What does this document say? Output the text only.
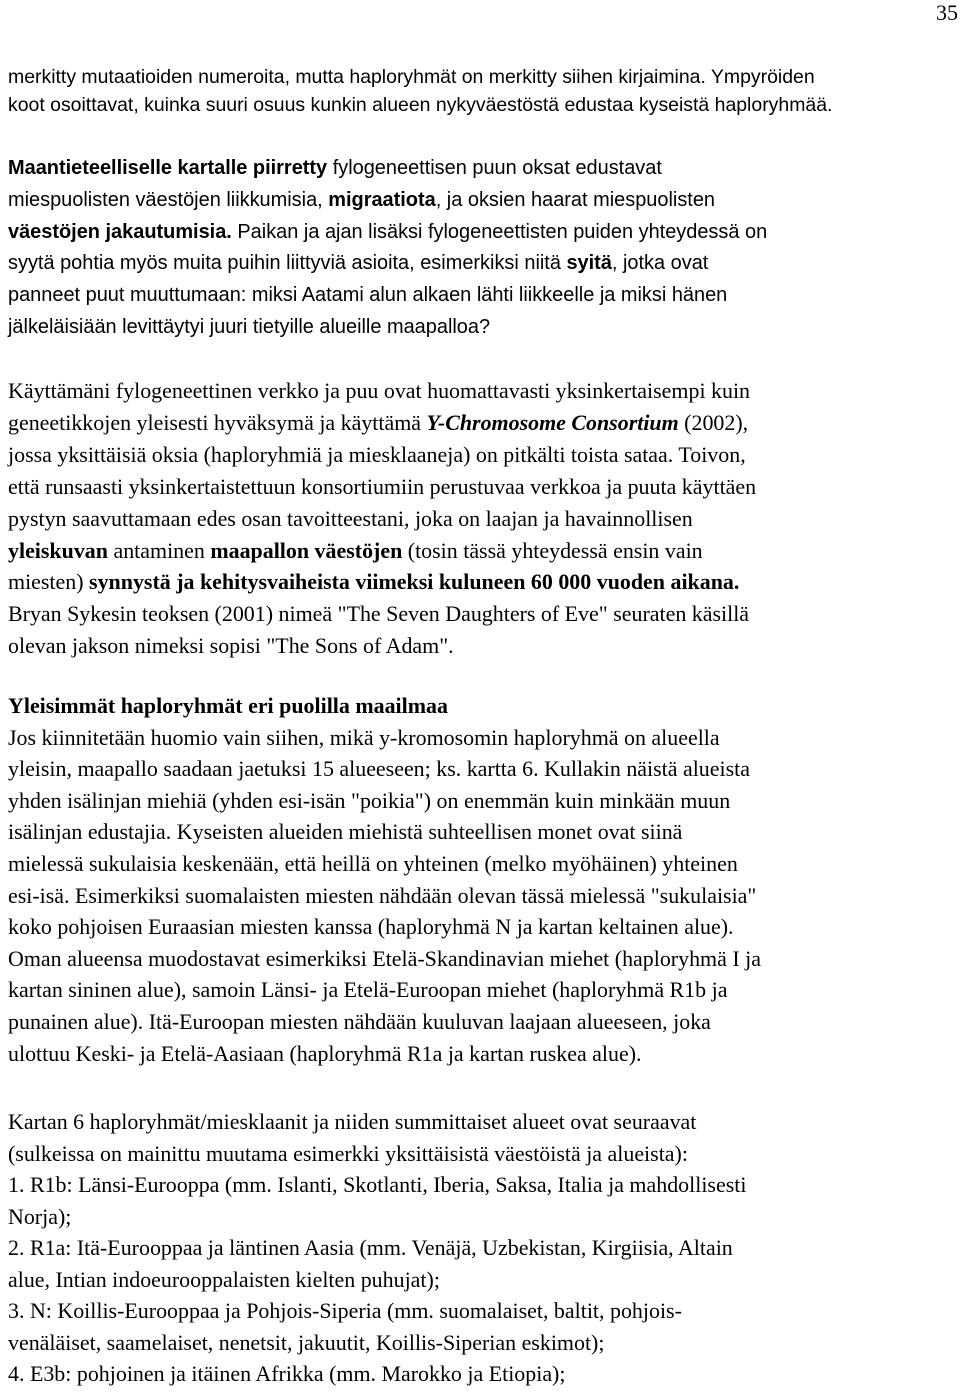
35
merkitty mutaatioiden numeroita, mutta haploryhmät on merkitty siihen kirjaimina. Ympyröiden
koot osoittavat, kuinka suuri osuus kunkin alueen nykyväestöstä edustaa kyseistä haploryhmää.
Maantieteelliselle kartalle piirretty fylogeneettisen puun oksat edustavat
miespuolisten väestöjen liikkumisia, migraatiota, ja oksien haarat miespuolisten
väestöjen jakautumisia. Paikan ja ajan lisäksi fylogeneettisten puiden yhteydessä on
syytä pohtia myös muita puihin liittyviä asioita, esimerkiksi niitä syitä, jotka ovat
panneet puut muuttumaan: miksi Aatami alun alkaen lähti liikkeelle ja miksi hänen
jälkeläisiään levittäytyi juuri tietyille alueille maapalloa?
Käyttämäni fylogeneettinen verkko ja puu ovat huomattavasti yksinkertaisempi kuin
geneetikkojen yleisesti hyväksymä ja käyttämä Y-Chromosome Consortium (2002),
jossa yksittäisiä oksia (haploryhmiä ja miesklaaneja) on pitkälti toista sataa. Toivon,
että runsaasti yksinkertaistettuun konsortiumiin perustuvaa verkkoa ja puuta käyttäen
pystyn saavuttamaan edes osan tavoitteestani, joka on laajan ja havainnollisen
yleiskuvan antaminen maapallon väestöjen (tosin tässä yhteydessä ensin vain
miesten) synnystä ja kehitysvaiheista viimeksi kuluneen 60 000 vuoden aikana.
Bryan Sykesin teoksen (2001) nimeä "The Seven Daughters of Eve" seuraten käsillä
olevan jakson nimeksi sopisi "The Sons of Adam".
Yleisimmät haploryhmät eri puolilla maailmaa
Jos kiinnitetään huomio vain siihen, mikä y-kromosomin haploryhmä on alueella
yleisin, maapallo saadaan jaetuksi 15 alueeseen; ks. kartta 6. Kullakin näistä alueista
yhden isälinjan miehiä (yhden esi-isän "poikia") on enemmän kuin minkään muun
isälinjan edustajia. Kyseisten alueiden miehistä suhteellisen monet ovat siinä
mielessä sukulaisia keskenään, että heillä on yhteinen (melko myöhäinen) yhteinen
esi-isä. Esimerkiksi suomalaisten miesten nähdään olevan tässä mielessä "sukulaisia"
koko pohjoisen Euraasian miesten kanssa (haploryhmä N ja kartan keltainen alue).
Oman alueensa muodostavat esimerkiksi Etelä-Skandinavian miehet (haploryhmä I ja
kartan sininen alue), samoin Länsi- ja Etelä-Euroopan miehet (haploryhmä R1b ja
punainen alue). Itä-Euroopan miesten nähdään kuuluvan laajaan alueeseen, joka
ulottuu Keski- ja Etelä-Aasiaan (haploryhmä R1a ja kartan ruskea alue).
Kartan 6 haploryhmät/miesklaanit ja niiden summittaiset alueet ovat seuraavat
(sulkeissa on mainittu muutama esimerkki yksittäisistä väestöistä ja alueista):
1. R1b: Länsi-Eurooppa (mm. Islanti, Skotlanti, Iberia, Saksa, Italia ja mahdollisesti
Norja);
2. R1a: Itä-Eurooppaa ja läntinen Aasia (mm. Venäjä, Uzbekistan, Kirgiisia, Altain
alue, Intian indoeurooppalaisten kielten puhujat);
3. N: Koillis-Eurooppaa ja Pohjois-Siperia (mm. suomalaiset, baltit, pohjois-
venäläiset, saamelaiset, nenetsit, jakuutit, Koillis-Siperian eskimot);
4. E3b: pohjoinen ja itäinen Afrikka (mm. Marokko ja Etiopia);
